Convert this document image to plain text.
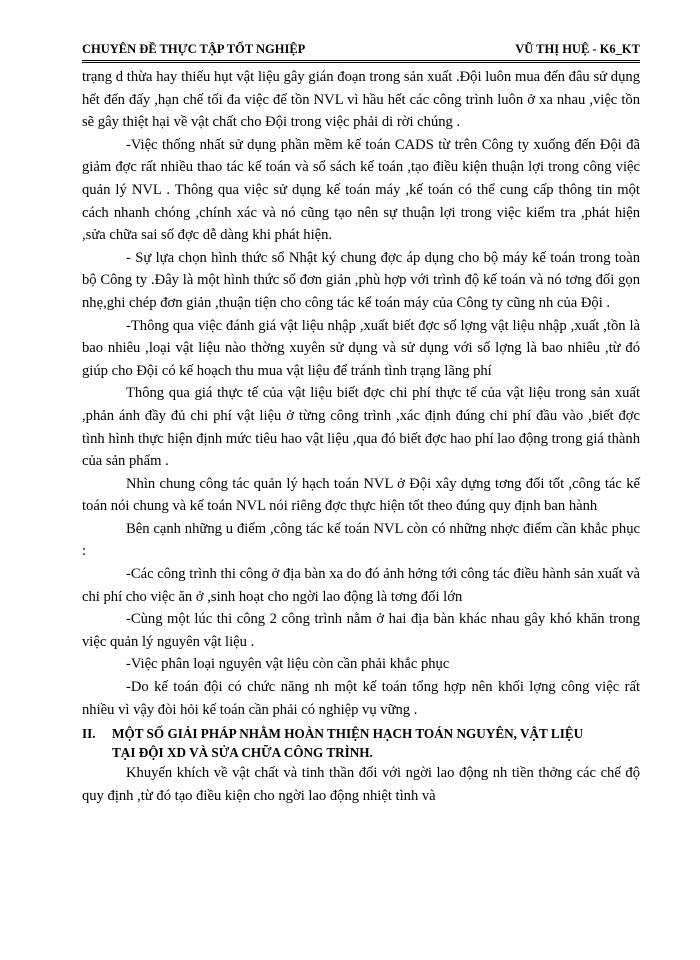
CHUYÊN ĐỀ THỰC TẬP TỐT NGHIỆP	VŨ THỊ HUỆ - K6_KT

trạng d thừa hay thiếu hụt vật liệu gây gián đoạn trong sản xuất .Đội luôn mua đến đâu sử dụng hết đến đấy ,hạn chế tối đa việc để tồn NVL vì hầu hết các công trình luôn ở xa nhau ,việc tồn sẽ gây thiệt hại về vật chất cho Đội trong việc phải di rời chúng .

-Việc thống nhất sử dụng phần mềm kế toán CADS từ trên Công ty xuống đến Đội đã giảm đợc rất nhiều thao tác kế toán và sổ sách kế toán ,tạo điều kiện thuận lợi trong công việc quản lý NVL . Thông qua việc sử dụng kế toán máy ,kế toán có thể cung cấp thông tin một cách nhanh chóng ,chính xác và nó cũng tạo nên sự thuận lợi trong việc kiểm tra ,phát hiện ,sửa chữa sai số đợc dễ dàng khi phát hiện.

- Sự lựa chọn hình thức sổ Nhật ký chung đợc áp dụng cho bộ máy kế toán trong toàn bộ Công ty .Đây là một hình thức sổ đơn giản ,phù hợp với trình độ kế toán và nó tơng đối gọn nhẹ,ghi chép đơn giản ,thuận tiện cho công tác kế toán máy của Công ty cũng nh của Đội .

-Thông qua việc đánh giá vật liệu nhập ,xuất biết đợc số lợng vật liệu nhập ,xuất ,tồn là bao nhiêu ,loại vật liệu nào thờng xuyên sử dụng và sử dụng với số lợng là bao nhiêu ,từ đó giúp cho Đội có kế hoạch thu mua vật liệu để tránh tình trạng lãng phí

Thông qua giá thực tế của vật liệu biết đợc chi phí thực tế của vật liệu trong sản xuất ,phản ánh đầy đủ chi phí vật liệu ở từng công trình ,xác định đúng chi phí đầu vào ,biết đợc tình hình thực hiện định mức tiêu hao vật liệu ,qua đó biết đợc hao phí lao động trong giá thành của sản phẩm .

Nhìn chung công tác quản lý hạch toán NVL ở Đội xây dựng tơng đối tốt ,công tác kế toán nói chung và kế toán NVL nói riêng đợc thực hiện tốt theo đúng quy định ban hành

Bên cạnh những u điểm ,công tác kế toán NVL còn có những nhợc điểm cần khắc phục :

-Các công trình thi công ở địa bàn xa do đó ảnh hởng tới công tác điều hành sản xuất và chi phí cho việc ăn ở ,sinh hoạt cho ngời lao động là tơng đối lớn

-Cùng một lúc thi công 2 công trình nằm ở hai địa bàn khác nhau gây khó khăn trong việc quản lý nguyên vật liệu .

-Việc phân loại nguyên vật liệu còn cần phải khắc phục

-Do kế toán đội có chức năng nh một kế toán tổng hợp nên khối lợng công việc rất nhiều vì vậy đòi hỏi kế toán cần phải có nghiệp vụ vững .

II. MỘT SỐ GIẢI PHÁP NHẰM HOÀN THIỆN HẠCH TOÁN NGUYÊN, VẬT LIỆU
TẠI ĐỘI XD VÀ SỬA CHỮA CÔNG TRÌNH.

Khuyến khích về vật chất và tinh thần đối với ngời lao động nh tiền thởng các chế độ quy định ,từ đó tạo điều kiện cho ngời lao động nhiệt tình và
